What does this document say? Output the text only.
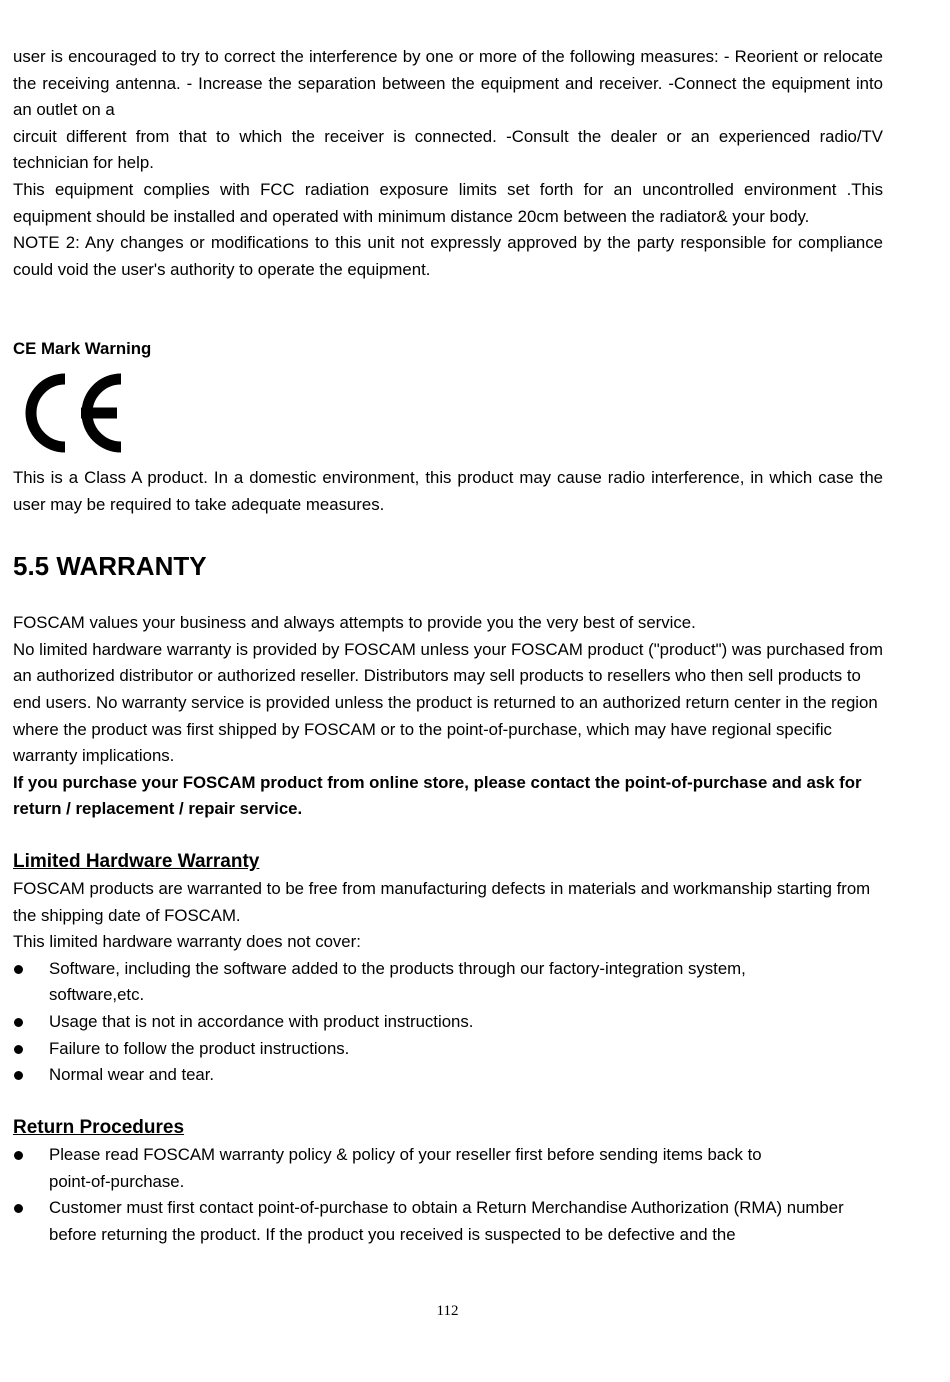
user is encouraged to try to correct the interference by one or more of the following measures: - Reorient or relocate the receiving antenna. - Increase the separation between the equipment and receiver. -Connect the equipment into an outlet on a

circuit different from that to which the receiver is connected. -Consult the dealer or an experienced radio/TV technician for help.

This equipment complies with FCC radiation exposure limits set forth for an uncontrolled environment .This equipment should be installed and operated with minimum distance 20cm between the radiator& your body.

NOTE 2: Any changes or modifications to this unit not expressly approved by the party responsible for compliance could void the user's authority to operate the equipment.

CE Mark Warning

This is a Class A product. In a domestic environment, this product may cause radio interference, in which case the user may be required to take adequate measures.

5.5 WARRANTY

FOSCAM values your business and always attempts to provide you the very best of service.

No limited hardware warranty is provided by FOSCAM unless your FOSCAM product ("product") was purchased from an authorized distributor or authorized reseller. Distributors may sell products to resellers who then sell products to end users. No warranty service is provided unless the product is returned to an authorized return center in the region where the product was first shipped by FOSCAM or to the point-of-purchase, which may have regional specific warranty implications.

If you purchase your FOSCAM product from online store, please contact the point-of-purchase and ask for return / replacement / repair service.

Limited Hardware Warranty

FOSCAM products are warranted to be free from manufacturing defects in materials and workmanship starting from the shipping date of FOSCAM.

This limited hardware warranty does not cover:

Software, including the software added to the products through our factory-integration system, software,etc.
Usage that is not in accordance with product instructions.
Failure to follow the product instructions.
Normal wear and tear.
Return Procedures
Please read FOSCAM warranty policy & policy of your reseller first before sending items back to point-of-purchase.
Customer must first contact point-of-purchase to obtain a Return Merchandise Authorization (RMA) number before returning the product. If the product you received is suspected to be defective and the
112
